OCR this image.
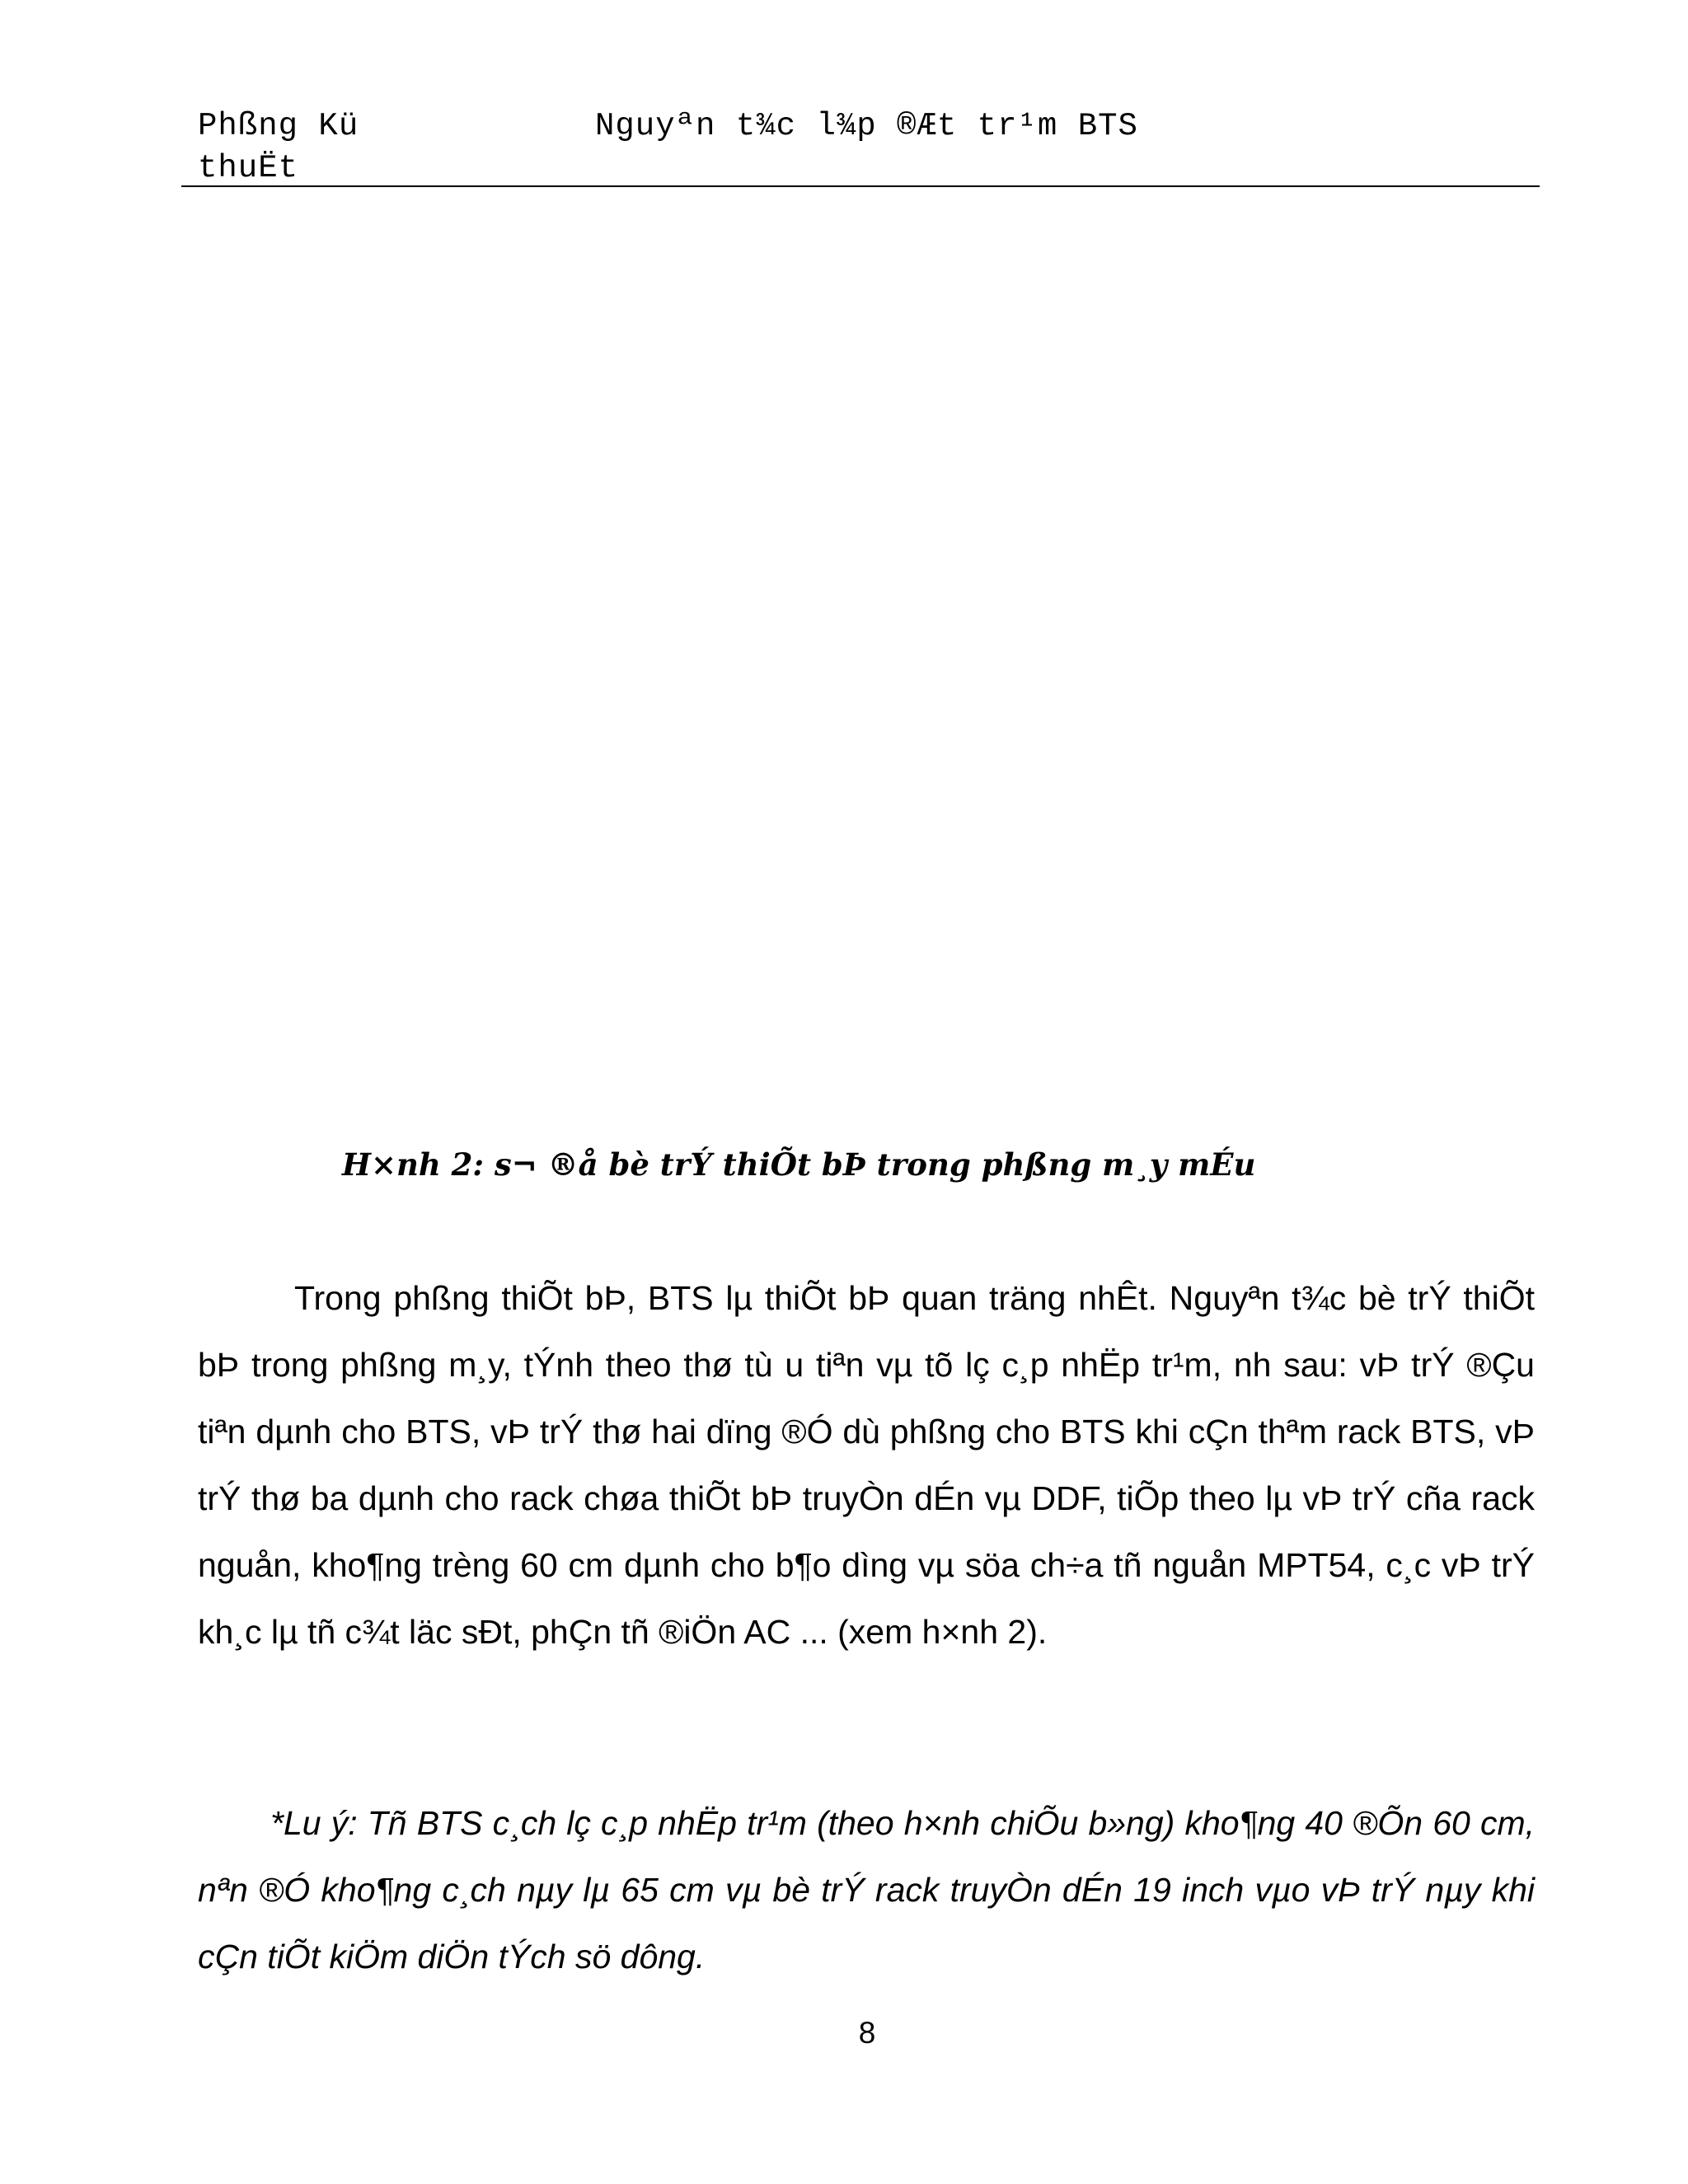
Phßng Kü thuËt
Nguyªn t¾c l¾p ®Æt tr¹m BTS
H×nh 2: s¬ ®å bè trÝ thiÕt bÞ trong phßng m¸y mÉu

Trong phßng thiÕt bÞ, BTS lµ thiÕt bÞ quan träng nhÊt. Nguyªn t¾c bè trÝ thiÕt bÞ trong phßng m¸y, tÝnh theo thø tù u tiªn vµ tõ lç c¸p nhËp tr¹m, nh sau: vÞ trÝ ®Çu tiªn dµnh cho BTS, vÞ trÝ thø hai dïng ®Ó dù phßng cho BTS khi cÇn thªm rack BTS, vÞ trÝ thø ba dµnh cho rack chøa thiÕt bÞ truyÒn dÉn vµ DDF, tiÕp theo lµ vÞ trÝ cña rack nguån, kho¶ng trèng 60 cm dµnh cho b¶o dìng vµ söa ch÷a tñ nguån MPT54, c¸c vÞ trÝ kh¸c lµ tñ c¾t läc sÐt, phÇn tñ ®iÖn AC ... (xem h×nh 2).

*Lu ý: Tñ BTS c¸ch lç c¸p nhËp tr¹m (theo h×nh chiÕu b»ng) kho¶ng 40 ®Õn 60 cm, nªn ®Ó kho¶ng c¸ch nµy lµ 65 cm vµ bè trÝ rack truyÒn dÉn 19 inch vµo vÞ trÝ nµy khi cÇn tiÕt kiÖm diÖn tÝch sö dông.

8
